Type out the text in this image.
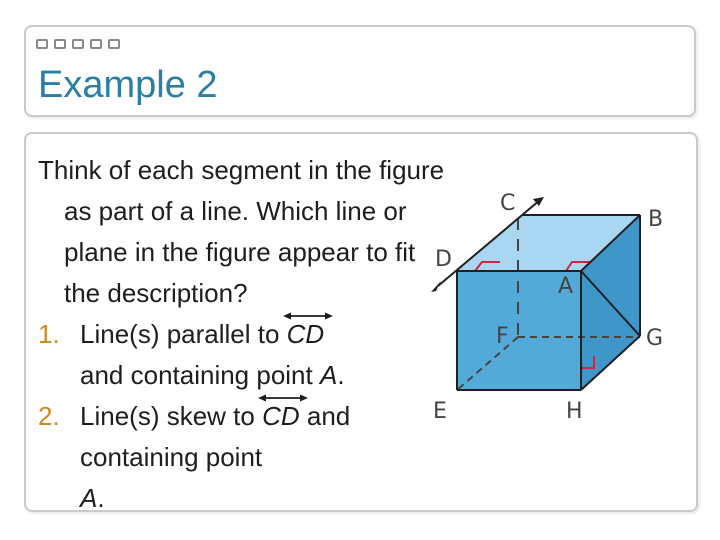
Example 2

Think of each segment in the figure as part of a line. Which line or plane in the figure appear to fit the description?

1. Line(s) parallel to
CD
and containing point A.

2. Line(s) skew to
CD and containing point
A.

C
B
D
A
F	G
E	H
